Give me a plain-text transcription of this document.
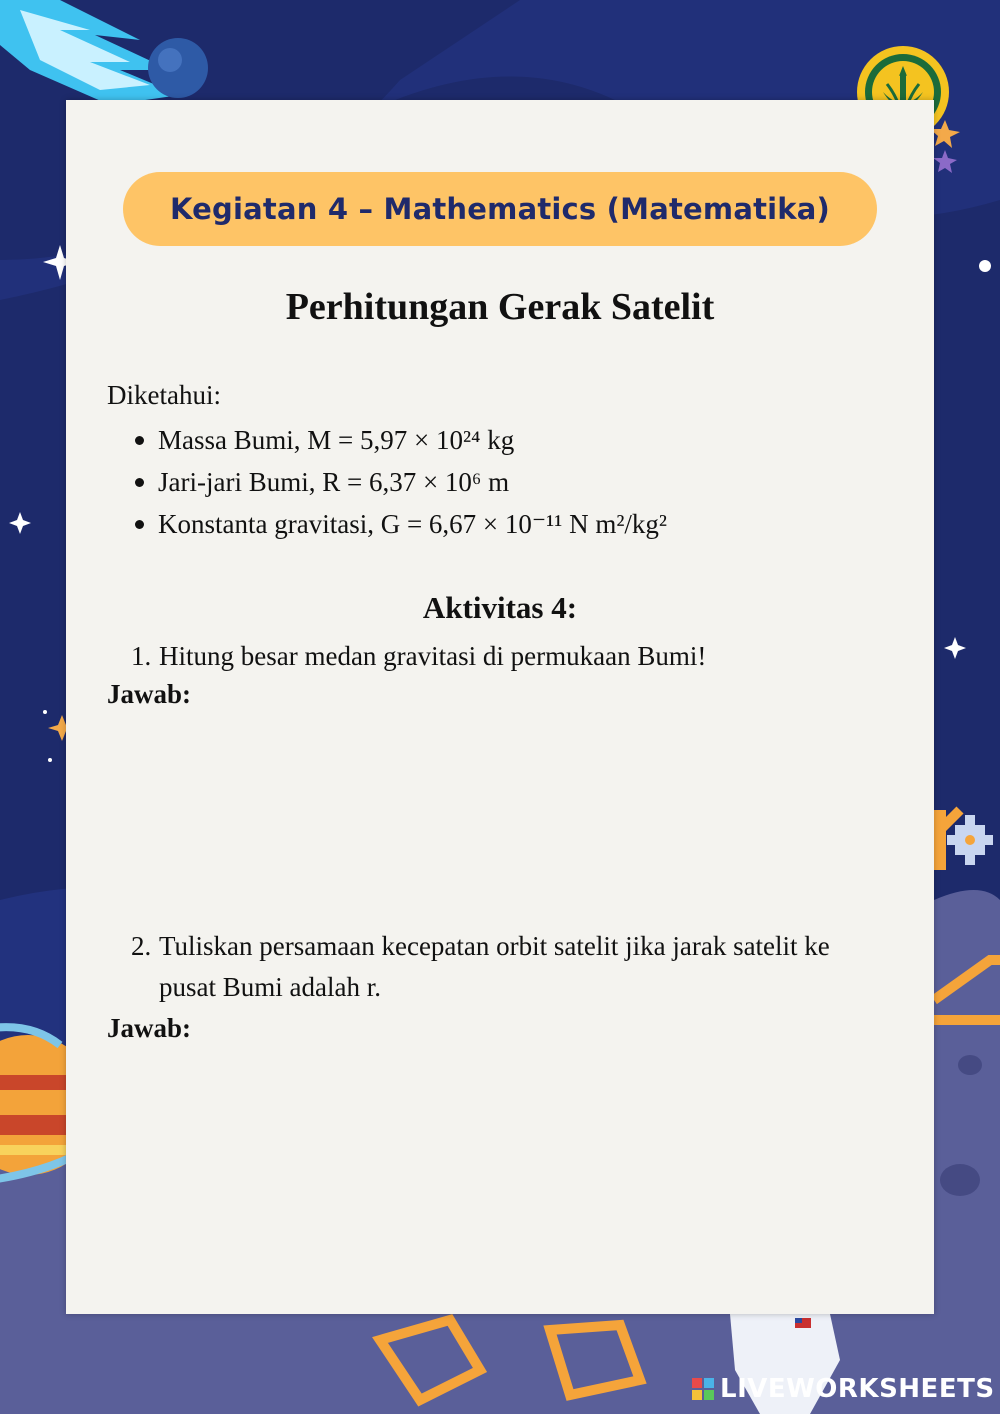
Kegiatan 4 – Mathematics (Matematika)
Perhitungan Gerak Satelit
Diketahui:
Massa Bumi, M = 5,97 × 10²⁴ kg
Jari-jari Bumi, R = 6,37 × 10⁶ m
Konstanta gravitasi, G = 6,67 × 10⁻¹¹ N m²/kg²
Aktivitas 4:
1. Hitung besar medan gravitasi di permukaan Bumi!
Jawab:
2. Tuliskan persamaan kecepatan orbit satelit jika jarak satelit ke pusat Bumi adalah r.
Jawab:
LIVEWORKSHEETS
